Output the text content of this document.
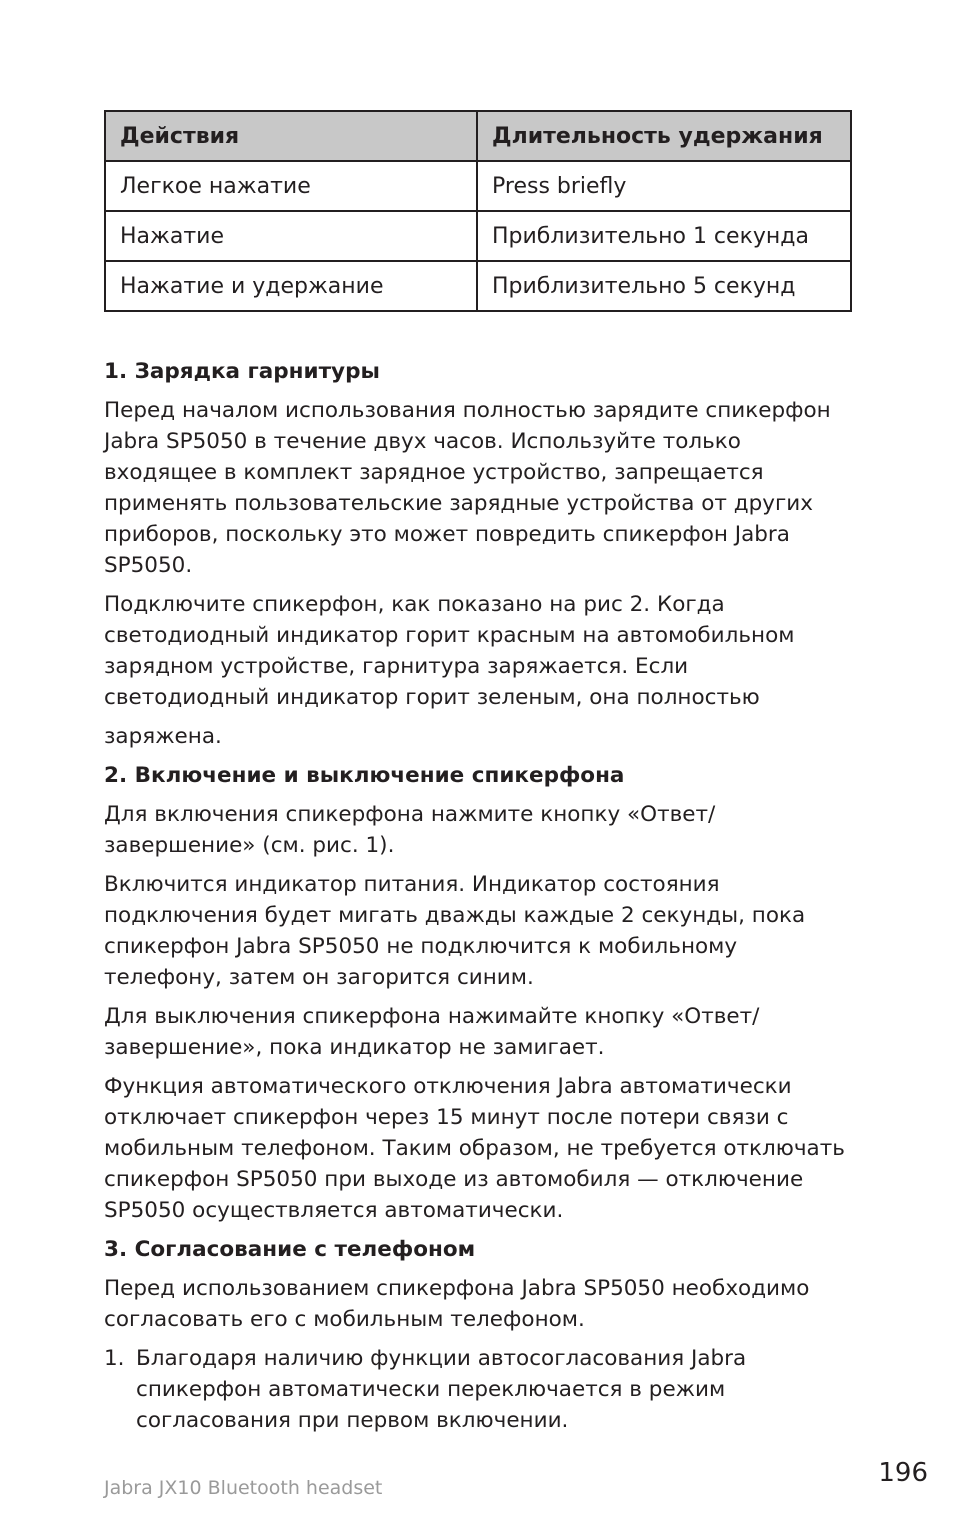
Действия	Длительность удержания
Легкое нажатие	Press briefly
Нажатие	Приблизительно 1 секунда
Нажатие и удержание	Приблизительно 5 секунд
1. Зарядка гарнитуры

Перед началом использования полностью зарядите спикерфон Jabra SP5050 в течение двух часов. Используйте только входящее в комплект зарядное устройство, запрещается применять пользовательские зарядные устройства от других приборов, поскольку это может повредить спикерфон Jabra SP5050.

Подключите спикерфон, как показано на рис 2. Когда светодиодный индикатор горит красным на автомобильном зарядном устройстве, гарнитура заряжается. Если светодиодный индикатор горит зеленым, она полностью

заряжена.

2. Включение и выключение спикерфона

Для включения спикерфона нажмите кнопку «Ответ/ завершение» (см. рис. 1).

Включится индикатор питания. Индикатор состояния подключения будет мигать дважды каждые 2 секунды, пока спикерфон Jabra SP5050 не подключится к мобильному телефону, затем он загорится синим.

Для выключения спикерфона нажимайте кнопку «Ответ/ завершение», пока индикатор не замигает.

Функция автоматического отключения Jabra автоматически отключает спикерфон через 15 минут после потери связи с мобильным телефоном. Таким образом, не требуется отключать спикерфон SP5050 при выходе из автомобиля — отключение SP5050 осуществляется автоматически.

3. Согласование с телефоном

Перед использованием спикерфона Jabra SP5050 необходимо согласовать его с мобильным телефоном.

1. Благодаря наличию функции автосогласования Jabra спикерфон автоматически переключается в режим согласования при первом включении.
Jabra JX10 Bluetooth headset	196
